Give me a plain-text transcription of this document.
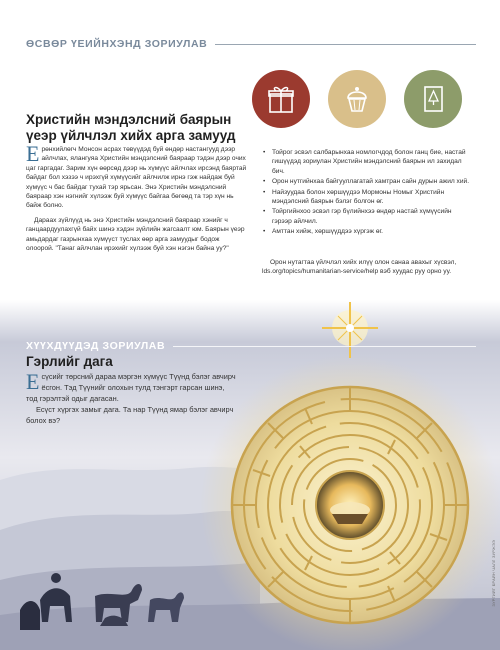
ӨСВӨР ҮЕИЙНХЭНД ЗОРИУЛАВ
Христийн мэндэлсний баярын үеэр үйлчлэл хийх арга замууд

Ерөнхийлөгч Монсон асрах төвүүдэд буй өндөр настангууд дээр айлчлах, ялангуяа Христийн мэндэлсний баяраар тэдэн дээр очих цаг гаргадаг. Зарим хүн өөрсөд дээр нь хүмүүс айлчлах ирсэнд баяртай байдаг бол хэзээ ч ирэхгүй хүмүүсийг айлчилж ирнэ гэж найдаж буй хүмүүс ч бас байдаг тухай тэр ярьсан. Энэ Христийн мэндэлсний баяраар хэн нэгнийг хүлээж буй хүмүүс байгаа бөгөөд та тэр хүн нь байж болно.

Дараах зүйлүүд нь энэ Христийн мэндэлсний баяраар хэнийг ч ганцаардуулахгүй байх шинэ хэдэн зүйлийн жагсаалт юм. Баярын үеэр амьдардаг газрынхаа хүмүүст туслах өөр арга замуудыг бодож олоорой. "Танаг айлчлан ирэхийг хүлээж буй хэн нэгэн байна уу?"

• Тойрог эсвэл салбарынхаа номлогчдод болон ганц бие, настай гишүүдэд зориулан Христийн мэндэлсний баярын ил захидал бич.
• Орон нутгийнхаа байгууллагатай хамтран сайн дурын ажил хий.
• Найзуудаа болон хөршүүдээ Мормоны Номыг Христийн мэндэлсний баярын бэлэг болгон өг.
• Тойргийнхоо эсвэл гэр бүлийнхээ өндөр настай хүмүүсийн гэрээр айлчил.
• Амттан хийж, хөршүүддээ хүргэж өг.

Орон нутагтаа үйлчлэл хийх илүү олон санаа авахыг хүсвэл, lds.org/topics/humanitarian-service/help вэб хуудас руу орно уу.

ХҮҮХДҮҮДЭД ЗОРИУЛАВ
Гэрлийг дага

Есүсийг төрсний дараа мэргэн хүмүүс Түүнд бэлэг авчирч ёсгон. Тэд Түүнийг олохын тулд тэнгэрт гарсан шинэ, тод гэрэлтэй одыг дагасан.

Есүст хүргэх замыг дага. Та нар Түүнд ямар бэлэг авчирч болох вэ?

ЗУРГИЙГ БРАЙН ЧАЛЛ ЗУРЖЭЭ
